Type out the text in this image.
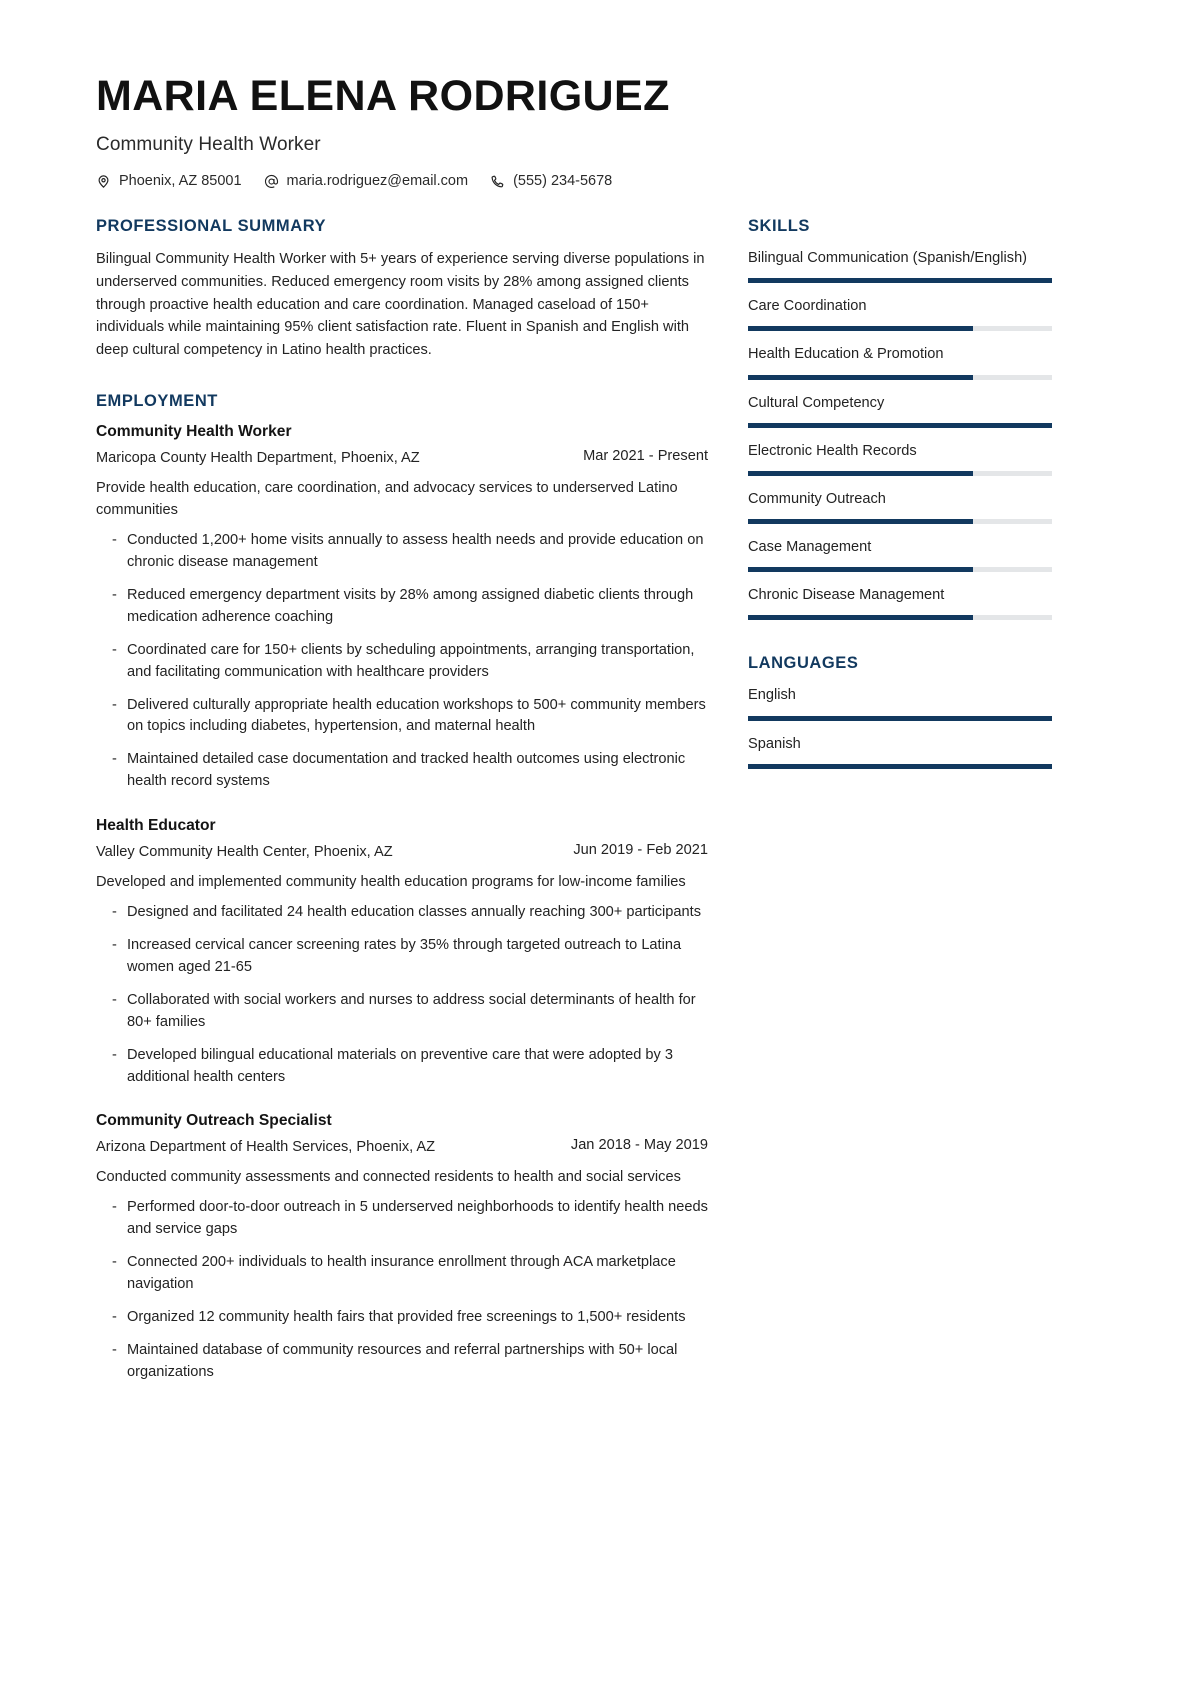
MARIA ELENA RODRIGUEZ
Community Health Worker
Phoenix, AZ 85001	maria.rodriguez@email.com	(555) 234-5678
PROFESSIONAL SUMMARY
Bilingual Community Health Worker with 5+ years of experience serving diverse populations in underserved communities. Reduced emergency room visits by 28% among assigned clients through proactive health education and care coordination. Managed caseload of 150+ individuals while maintaining 95% client satisfaction rate. Fluent in Spanish and English with deep cultural competency in Latino health practices.
EMPLOYMENT
Community Health Worker
Maricopa County Health Department, Phoenix, AZ	Mar 2021 - Present
Provide health education, care coordination, and advocacy services to underserved Latino communities
- Conducted 1,200+ home visits annually to assess health needs and provide education on chronic disease management
- Reduced emergency department visits by 28% among assigned diabetic clients through medication adherence coaching
- Coordinated care for 150+ clients by scheduling appointments, arranging transportation, and facilitating communication with healthcare providers
- Delivered culturally appropriate health education workshops to 500+ community members on topics including diabetes, hypertension, and maternal health
- Maintained detailed case documentation and tracked health outcomes using electronic health record systems
Health Educator
Valley Community Health Center, Phoenix, AZ	Jun 2019 - Feb 2021
Developed and implemented community health education programs for low-income families
- Designed and facilitated 24 health education classes annually reaching 300+ participants
- Increased cervical cancer screening rates by 35% through targeted outreach to Latina women aged 21-65
- Collaborated with social workers and nurses to address social determinants of health for 80+ families
- Developed bilingual educational materials on preventive care that were adopted by 3 additional health centers
Community Outreach Specialist
Arizona Department of Health Services, Phoenix, AZ	Jan 2018 - May 2019
Conducted community assessments and connected residents to health and social services
- Performed door-to-door outreach in 5 underserved neighborhoods to identify health needs and service gaps
- Connected 200+ individuals to health insurance enrollment through ACA marketplace navigation
- Organized 12 community health fairs that provided free screenings to 1,500+ residents
- Maintained database of community resources and referral partnerships with 50+ local organizations
SKILLS
Bilingual Communication (Spanish/English)
Care Coordination
Health Education & Promotion
Cultural Competency
Electronic Health Records
Community Outreach
Case Management
Chronic Disease Management
LANGUAGES
English
Spanish
